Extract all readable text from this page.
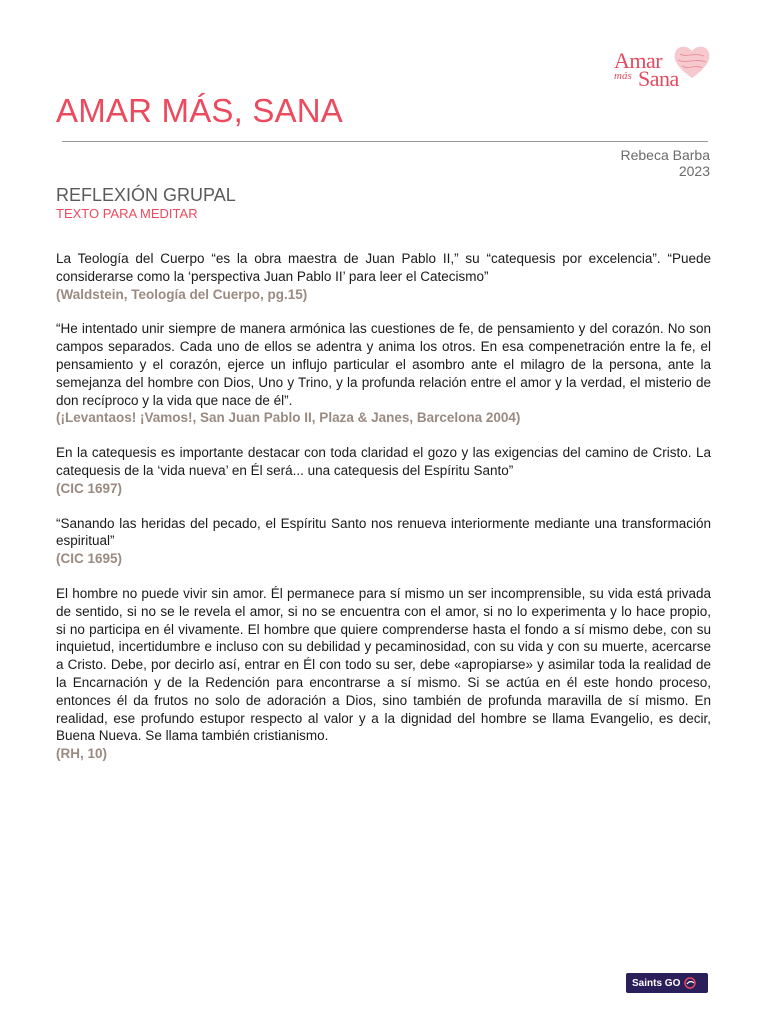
Amar
más Sana
AMAR MÁS, SANA
Rebeca Barba
2023
REFLEXIÓN GRUPAL
TEXTO PARA MEDITAR
La Teología del Cuerpo “es la obra maestra de Juan Pablo II,” su “catequesis por excelencia”. “Puede considerarse como la ‘perspectiva Juan Pablo II’ para leer el Catecismo”
(Waldstein, Teología del Cuerpo, pg.15)
“He intentado unir siempre de manera armónica las cuestiones de fe, de pensamiento y del corazón. No son campos separados. Cada uno de ellos se adentra y anima los otros. En esa compenetración entre la fe, el pensamiento y el corazón, ejerce un influjo particular el asombro ante el milagro de la persona, ante la semejanza del hombre con Dios, Uno y Trino, y la profunda relación entre el amor y la verdad, el misterio de don recíproco y la vida que nace de él”.
(¡Levantaos! ¡Vamos!, San Juan Pablo II, Plaza & Janes, Barcelona 2004)
En la catequesis es importante destacar con toda claridad el gozo y las exigencias del camino de Cristo. La catequesis de la ‘vida nueva’ en Él será... una catequesis del Espíritu Santo”
(CIC 1697)
“Sanando las heridas del pecado, el Espíritu Santo nos renueva interiormente mediante una transformación espiritual”
(CIC 1695)
El hombre no puede vivir sin amor. Él permanece para sí mismo un ser incomprensible, su vida está privada de sentido, si no se le revela el amor, si no se encuentra con el amor, si no lo experimenta y lo hace propio, si no participa en él vivamente. El hombre que quiere comprenderse hasta el fondo a sí mismo debe, con su inquietud, incertidumbre e incluso con su debilidad y pecaminosidad, con su vida y con su muerte, acercarse a Cristo. Debe, por decirlo así, entrar en Él con todo su ser, debe «apropiarse» y asimilar toda la realidad de la Encarnación y de la Redención para encontrarse a sí mismo. Si se actúa en él este hondo proceso, entonces él da frutos no solo de adoración a Dios, sino también de profunda maravilla de sí mismo. En realidad, ese profundo estupor respecto al valor y a la dignidad del hombre se llama Evangelio, es decir, Buena Nueva. Se llama también cristianismo.
(RH, 10)
Saints GO
